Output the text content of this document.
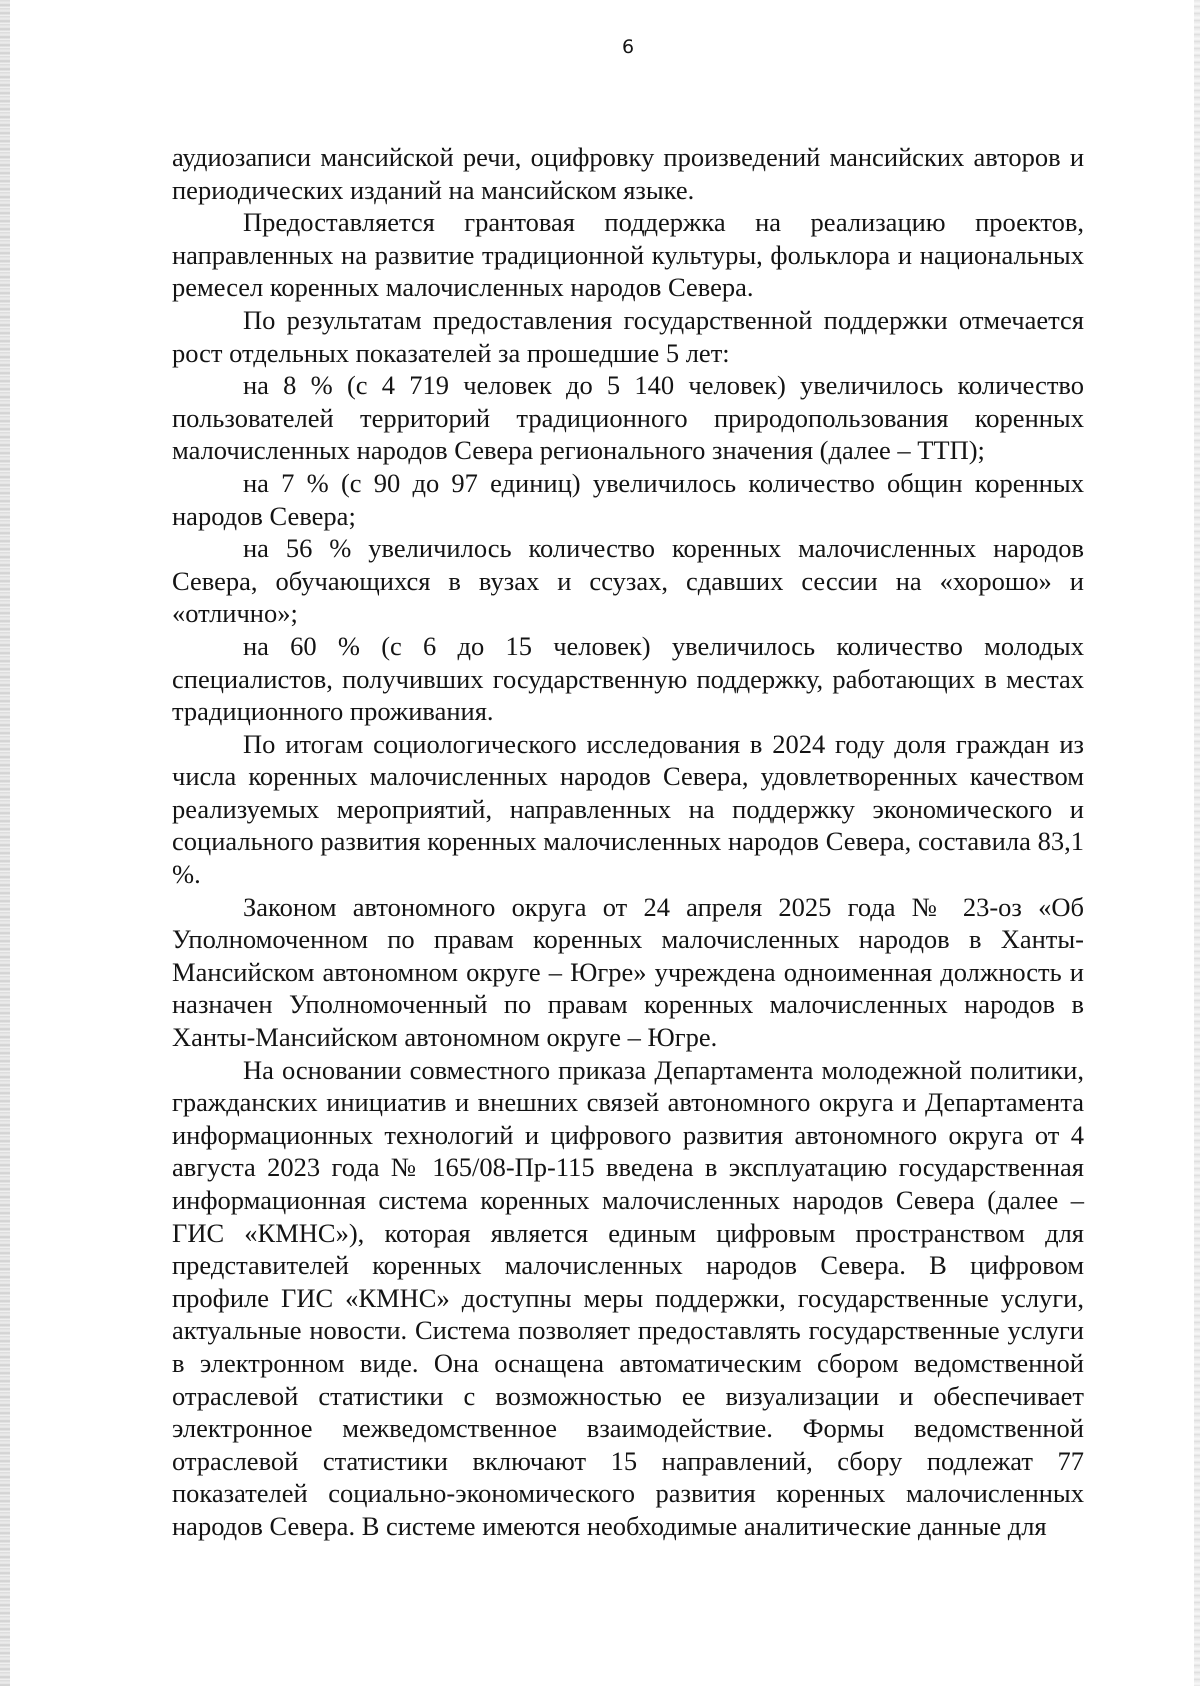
6

аудиозаписи мансийской речи, оцифровку произведений мансийских авторов и периодических изданий на мансийском языке.

Предоставляется грантовая поддержка на реализацию проектов, направленных на развитие традиционной культуры, фольклора и национальных ремесел коренных малочисленных народов Севера.

По результатам предоставления государственной поддержки отмечается рост отдельных показателей за прошедшие 5 лет:

на 8 % (с 4 719 человек до 5 140 человек) увеличилось количество пользователей территорий традиционного природопользования коренных малочисленных народов Севера регионального значения (далее – ТТП);

на 7 % (с 90 до 97 единиц) увеличилось количество общин коренных народов Севера;

на 56 % увеличилось количество коренных малочисленных народов Севера, обучающихся в вузах и ссузах, сдавших сессии на «хорошо» и «отлично»;

на 60 % (с 6 до 15 человек) увеличилось количество молодых специалистов, получивших государственную поддержку, работающих в местах традиционного проживания.

По итогам социологического исследования в 2024 году доля граждан из числа коренных малочисленных народов Севера, удовлетворенных качеством реализуемых мероприятий, направленных на поддержку экономического и социального развития коренных малочисленных народов Севера, составила 83,1 %.

Законом автономного округа от 24 апреля 2025 года № 23-оз «Об Уполномоченном по правам коренных малочисленных народов в Ханты-Мансийском автономном округе – Югре» учреждена одноименная должность и назначен Уполномоченный по правам коренных малочисленных народов в Ханты-Мансийском автономном округе – Югре.

На основании совместного приказа Департамента молодежной политики, гражданских инициатив и внешних связей автономного округа и Департамента информационных технологий и цифрового развития автономного округа от 4 августа 2023 года № 165/08-Пр-115 введена в эксплуатацию государственная информационная система коренных малочисленных народов Севера (далее – ГИС «КМНС»), которая является единым цифровым пространством для представителей коренных малочисленных народов Севера. В цифровом профиле ГИС «КМНС» доступны меры поддержки, государственные услуги, актуальные новости. Система позволяет предоставлять государственные услуги в электронном виде. Она оснащена автоматическим сбором ведомственной отраслевой статистики с возможностью ее визуализации и обеспечивает электронное межведомственное взаимодействие. Формы ведомственной отраслевой статистики включают 15 направлений, сбору подлежат 77 показателей социально-экономического развития коренных малочисленных народов Севера. В системе имеются необходимые аналитические данные для
